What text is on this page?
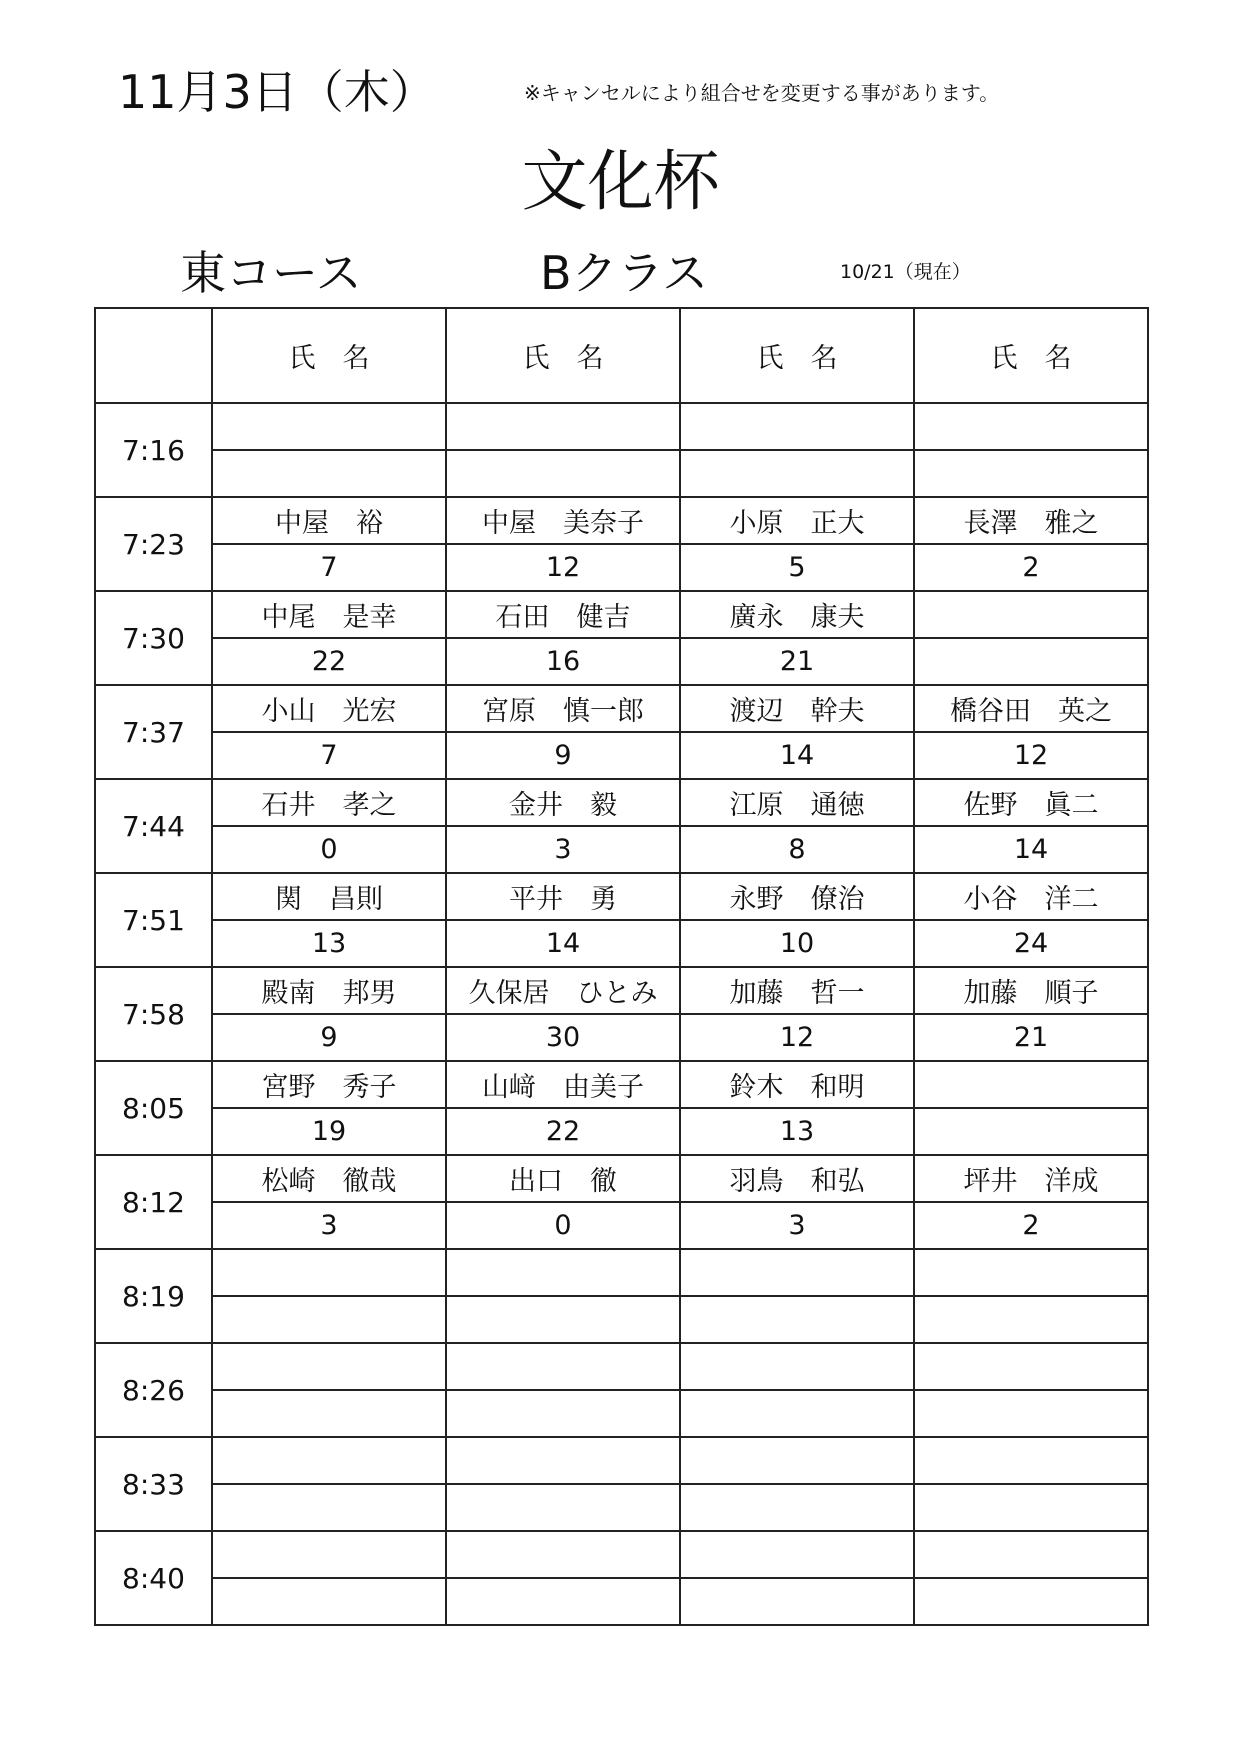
11月3日（木）	※キャンセルにより組合せを変更する事があります。
文化杯
東コース	Bクラス	10/21（現在）
	氏　名	氏　名	氏　名	氏　名
7:16				

7:23	中屋　裕	中屋　美奈子	小原　正大	長澤　雅之
	7	12	5	2
7:30	中尾　是幸	石田　健吉	廣永　康夫	
	22	16	21	
7:37	小山　光宏	宮原　慎一郎	渡辺　幹夫	橋谷田　英之
	7	9	14	12
7:44	石井　孝之	金井　毅	江原　通徳	佐野　眞二
	0	3	8	14
7:51	関　昌則	平井　勇	永野　僚治	小谷　洋二
	13	14	10	24
7:58	殿南　邦男	久保居　ひとみ	加藤　哲一	加藤　順子
	9	30	12	21
8:05	宮野　秀子	山﨑　由美子	鈴木　和明	
	19	22	13	
8:12	松崎　徹哉	出口　徹	羽鳥　和弘	坪井　洋成
	3	0	3	2
8:19				

8:26				

8:33				

8:40				
